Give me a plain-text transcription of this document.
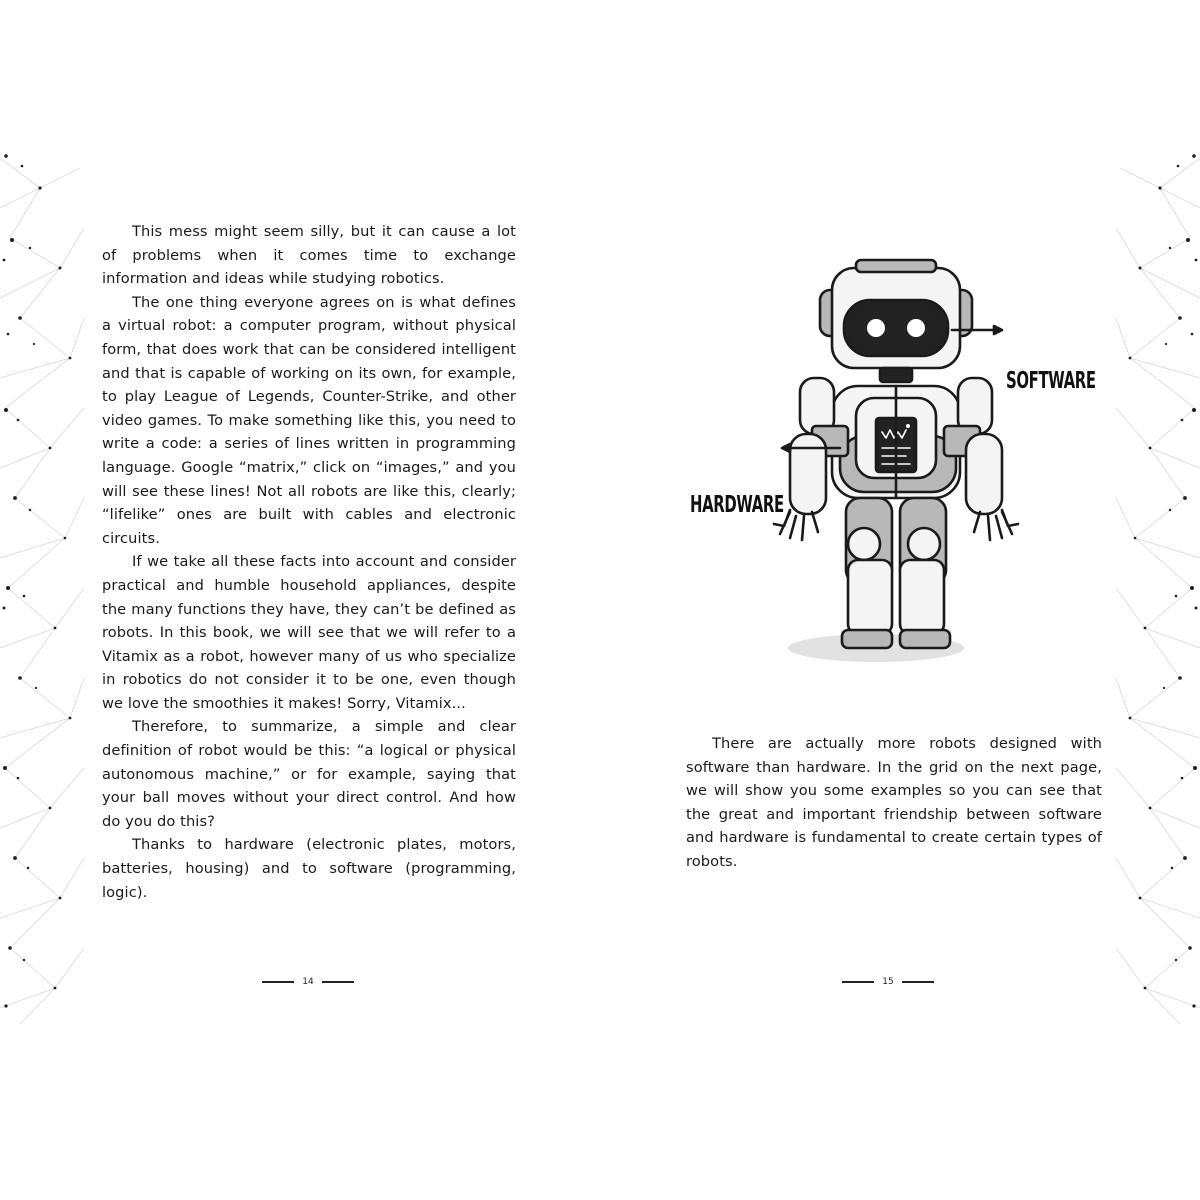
This mess might seem silly, but it can cause a lot of problems when it comes time to exchange information and ideas while studying robotics.

The one thing everyone agrees on is what defines a virtual robot: a computer program, without physical form, that does work that can be considered intelligent and that is capable of working on its own, for example, to play League of Legends, Counter-Strike, and other video games. To make something like this, you need to write a code: a series of lines written in programming language. Google “matrix,” click on “images,” and you will see these lines! Not all robots are like this, clearly; “lifelike” ones are built with cables and electronic circuits.

If we take all these facts into account and consider practical and humble household appliances, despite the many functions they have, they can’t be defined as robots. In this book, we will see that we will refer to a Vitamix as a robot, however many of us who specialize in robotics do not consider it to be one, even though we love the smoothies it makes! Sorry, Vitamix...

Therefore, to summarize, a simple and clear definition of robot would be this: “a logical or physical autonomous machine,” or for example, saying that your ball moves without your direct control. And how do you do this?

Thanks to hardware (electronic plates, motors, batteries, housing) and to software (programming, logic).

SOFTWARE
HARDWARE

There are actually more robots designed with software than hardware. In the grid on the next page, we will show you some examples so you can see that the great and important friendship between software and hardware is fundamental to create certain types of robots.

14	15
